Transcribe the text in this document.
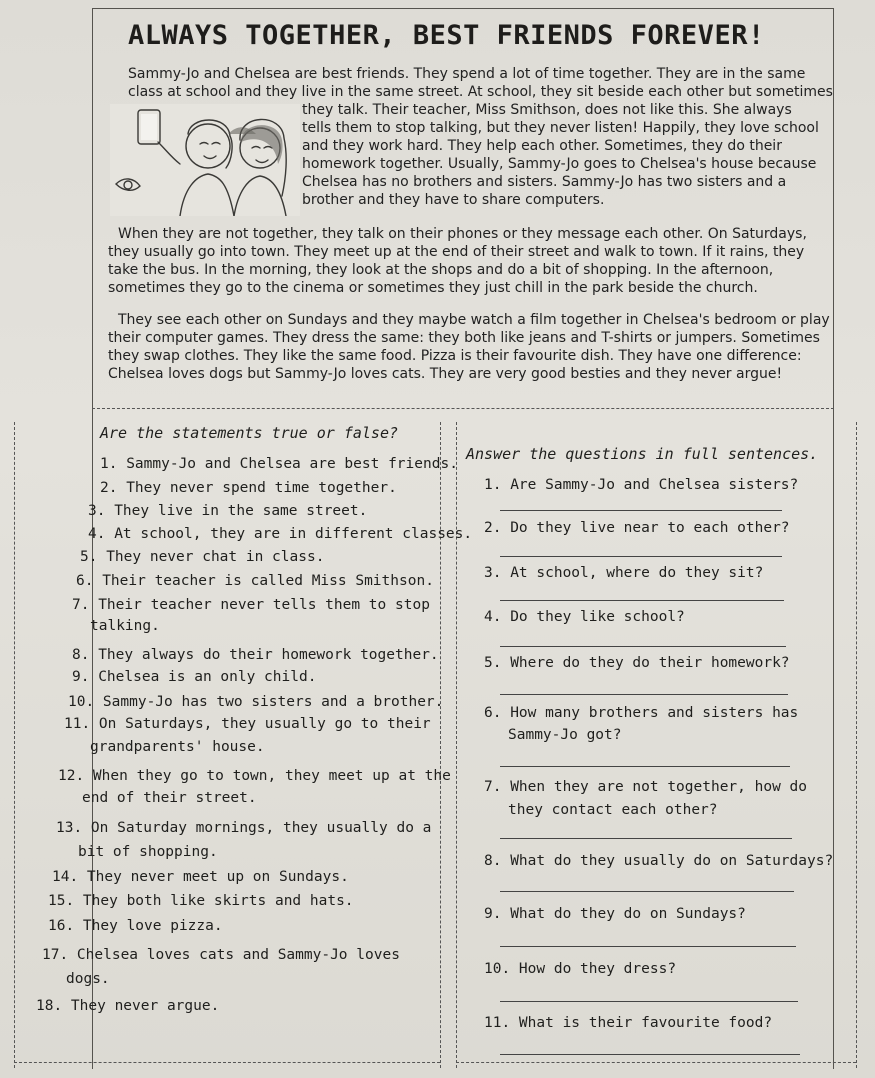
ALWAYS TOGETHER, BEST FRIENDS FOREVER!

Sammy-Jo and Chelsea are best friends. They spend a lot of time together. They are in the same

class at school and they live in the same street. At school, they sit beside each other but sometimes

they talk. Their teacher, Miss Smithson, does not like this. She always

tells them to stop talking, but they never listen! Happily, they love school

and they work hard. They help each other. Sometimes, they do their

homework together. Usually, Sammy-Jo goes to Chelsea's house because

Chelsea has no brothers and sisters. Sammy-Jo has two sisters and a

brother and they have to share computers.

When they are not together, they talk on their phones or they message each other. On Saturdays,

they usually go into town. They meet up at the end of their street and walk to town. If it rains, they

take the bus. In the morning, they look at the shops and do a bit of shopping. In the afternoon,

sometimes they go to the cinema or sometimes they just chill in the park beside the church.

They see each other on Sundays and they maybe watch a film together in Chelsea's bedroom or play

their computer games. They dress the same: they both like jeans and T-shirts or jumpers. Sometimes

they swap clothes. They like the same food. Pizza is their favourite dish. They have one difference:

Chelsea loves dogs but Sammy-Jo loves cats. They are very good besties and they never argue!

Are the statements true or false?
1. Sammy-Jo and Chelsea are best friends.
2. They never spend time together.
3. They live in the same street.
4. At school, they are in different classes.
5. They never chat in class.
6. Their teacher is called Miss Smithson.
7. Their teacher never tells them to stop
talking.
8. They always do their homework together.
9. Chelsea is an only child.
10. Sammy-Jo has two sisters and a brother.
11. On Saturdays, they usually go to their
grandparents' house.
12. When they go to town, they meet up at the
end of their street.
13. On Saturday mornings, they usually do a
bit of shopping.
14. They never meet up on Sundays.
15. They both like skirts and hats.
16. They love pizza.
17. Chelsea loves cats and Sammy-Jo loves
dogs.
18. They never argue.
Answer the questions in full sentences.
1. Are Sammy-Jo and Chelsea sisters?
2. Do they live near to each other?
3. At school, where do they sit?
4. Do they like school?
5. Where do they do their homework?
6. How many brothers and sisters has
Sammy-Jo got?
7. When they are not together, how do
they contact each other?
8. What do they usually do on Saturdays?
9. What do they do on Sundays?
10. How do they dress?
11. What is their favourite food?
